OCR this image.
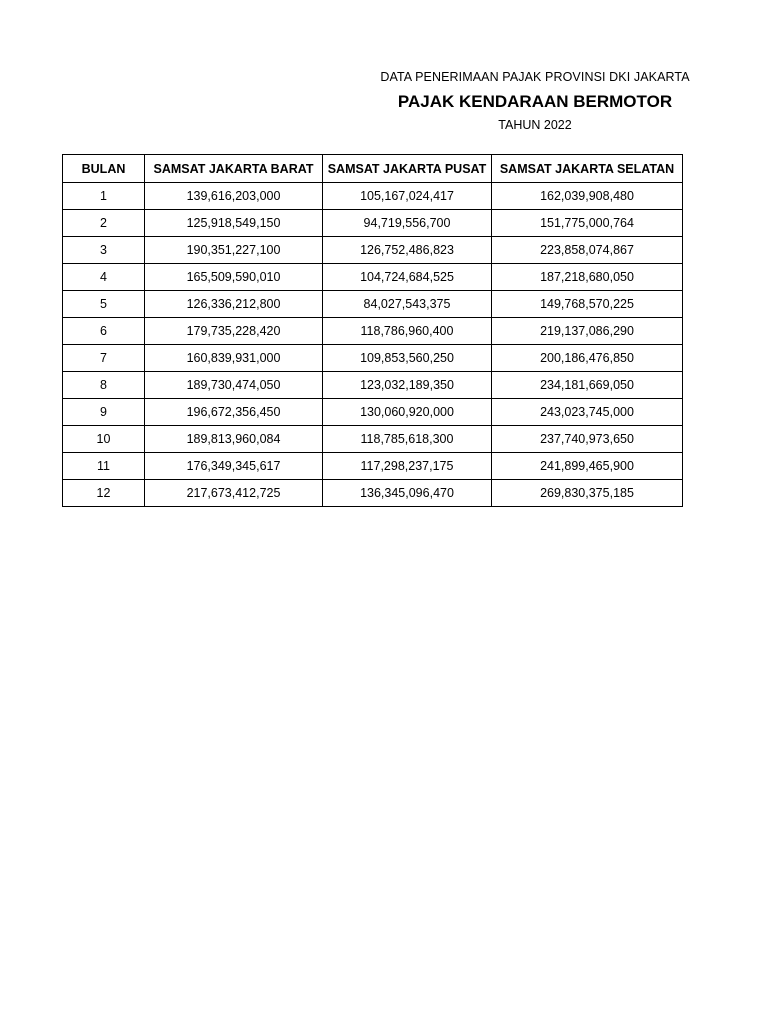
DATA PENERIMAAN PAJAK PROVINSI DKI JAKARTA
PAJAK KENDARAAN BERMOTOR
TAHUN 2022
BULAN	SAMSAT JAKARTA BARAT	SAMSAT JAKARTA PUSAT	SAMSAT JAKARTA SELATAN
1	139,616,203,000	105,167,024,417	162,039,908,480
2	125,918,549,150	94,719,556,700	151,775,000,764
3	190,351,227,100	126,752,486,823	223,858,074,867
4	165,509,590,010	104,724,684,525	187,218,680,050
5	126,336,212,800	84,027,543,375	149,768,570,225
6	179,735,228,420	118,786,960,400	219,137,086,290
7	160,839,931,000	109,853,560,250	200,186,476,850
8	189,730,474,050	123,032,189,350	234,181,669,050
9	196,672,356,450	130,060,920,000	243,023,745,000
10	189,813,960,084	118,785,618,300	237,740,973,650
11	176,349,345,617	117,298,237,175	241,899,465,900
12	217,673,412,725	136,345,096,470	269,830,375,185
